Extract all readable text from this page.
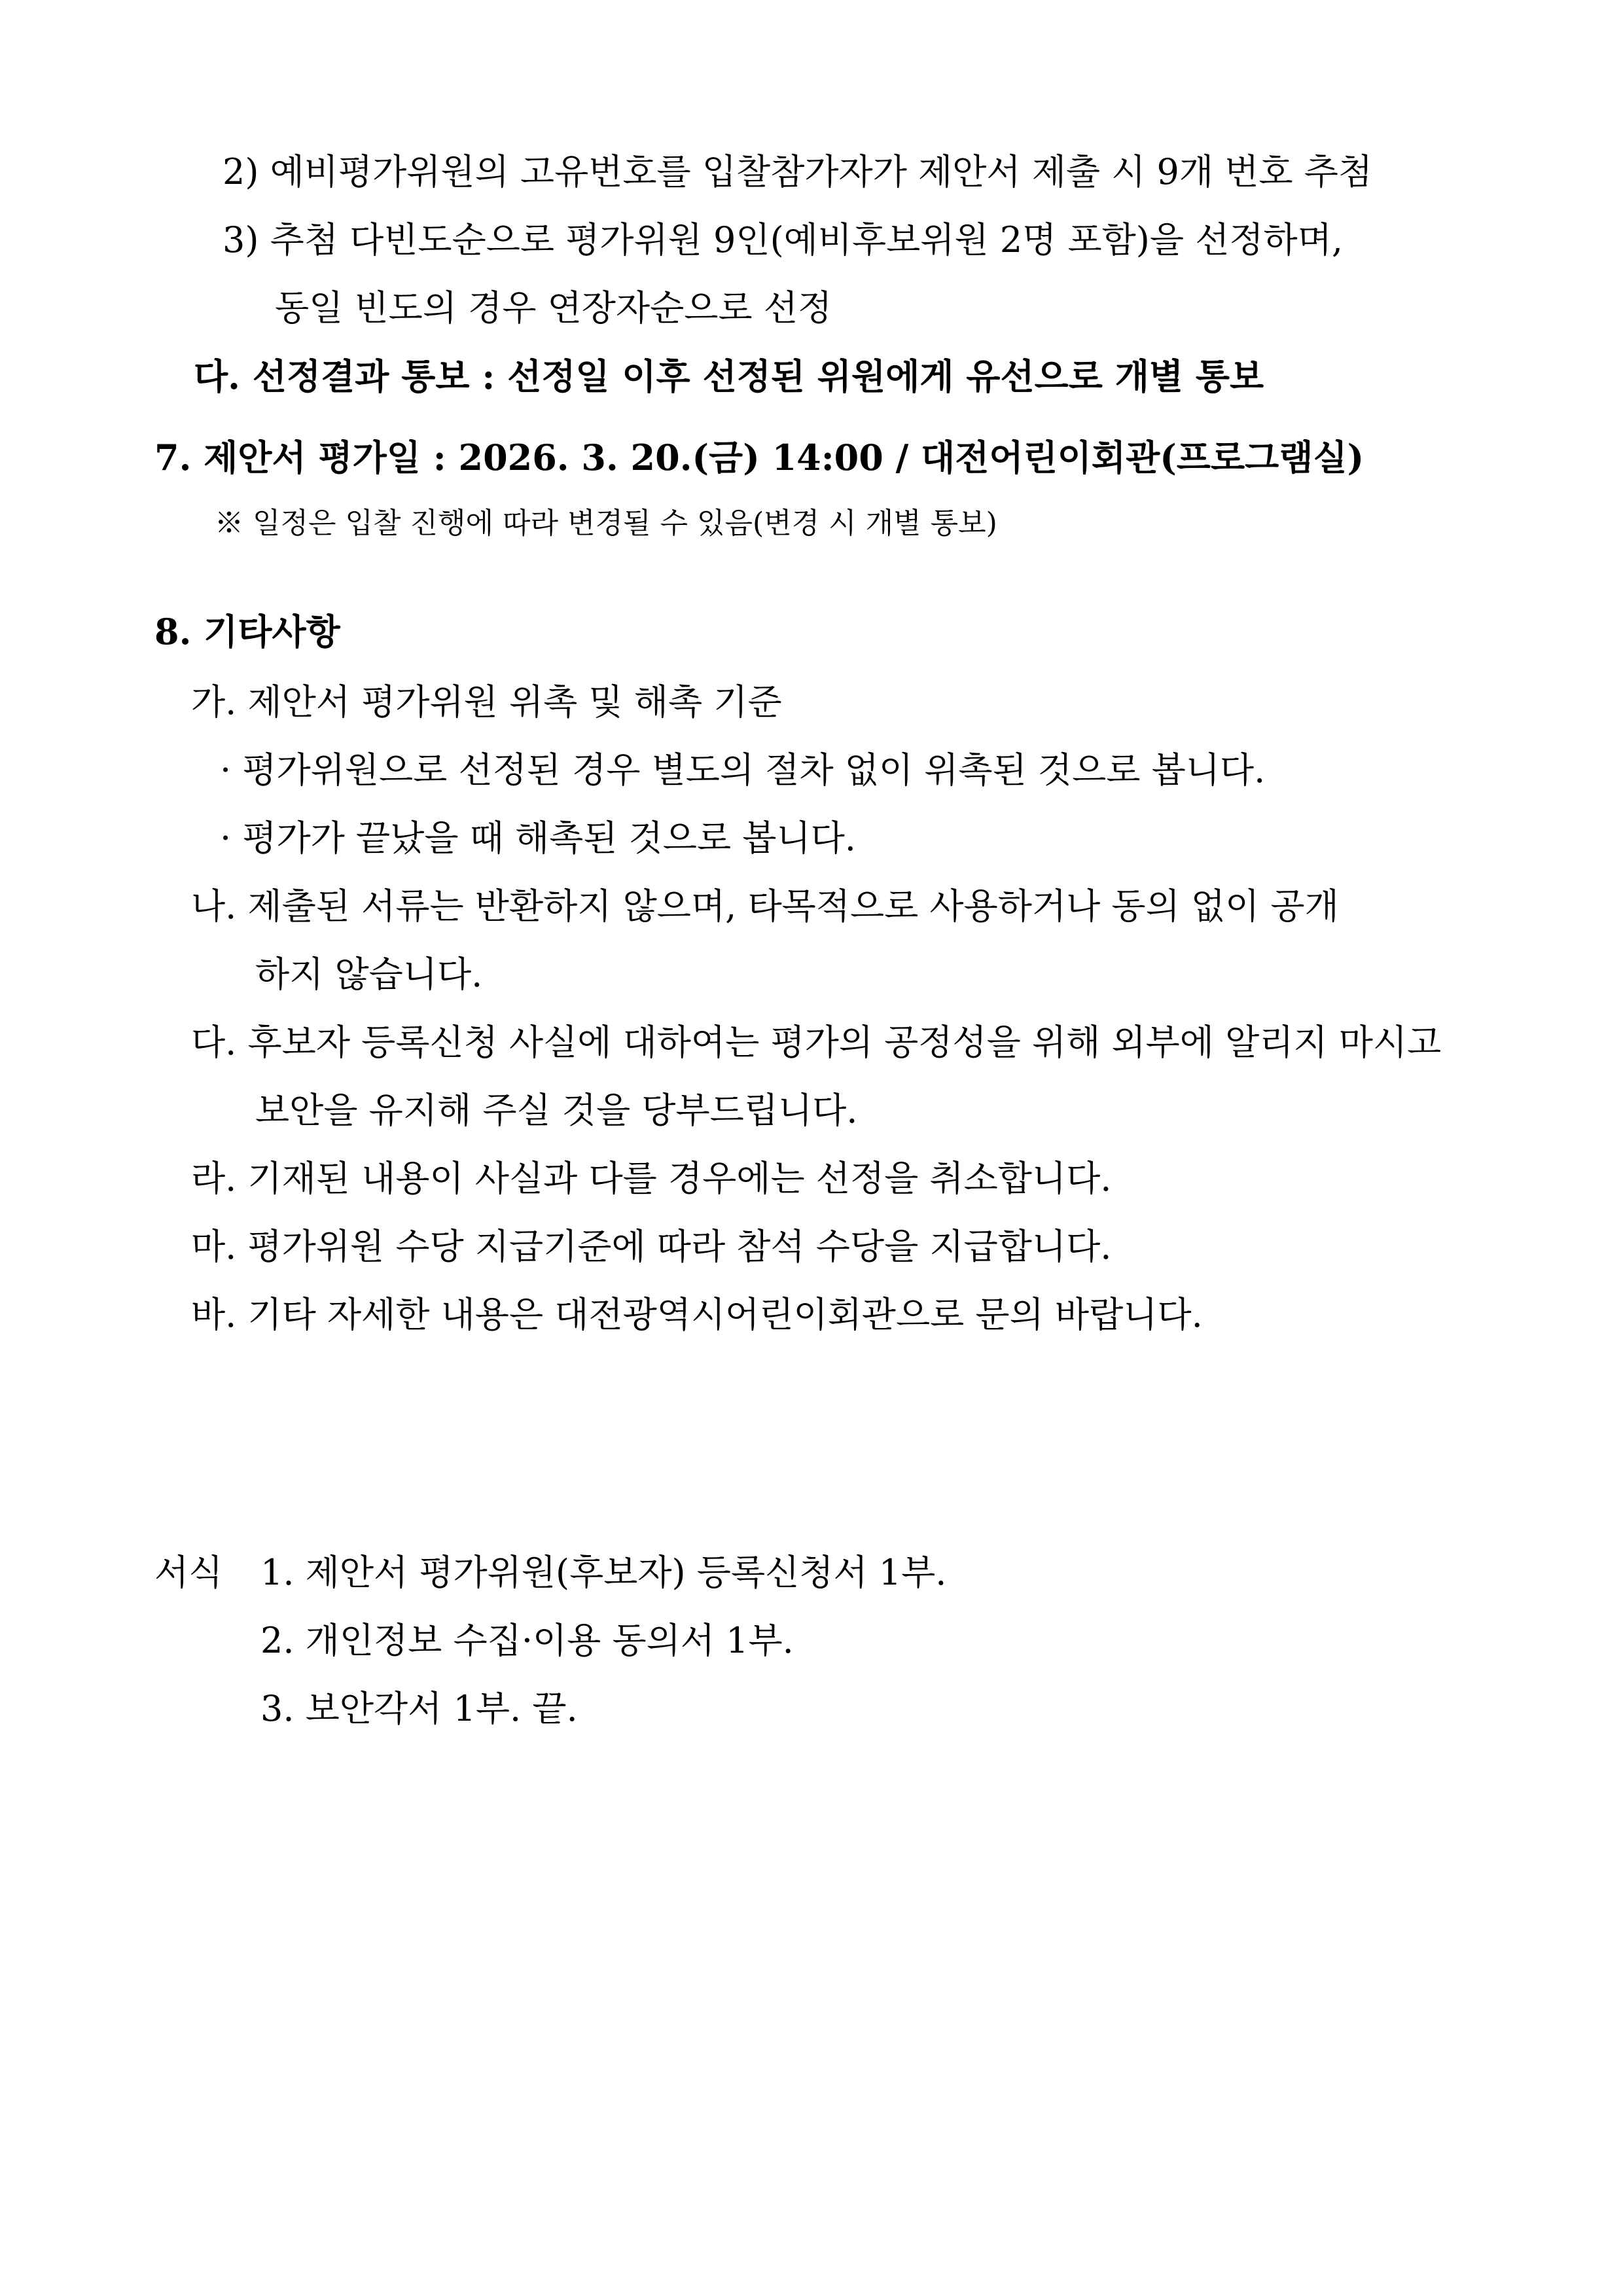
2) 예비평가위원의 고유번호를 입찰참가자가 제안서 제출 시 9개 번호 추첨
3) 추첨 다빈도순으로 평가위원 9인(예비후보위원 2명 포함)을 선정하며,
동일 빈도의 경우 연장자순으로 선정
다. 선정결과 통보 : 선정일 이후 선정된 위원에게 유선으로 개별 통보
7. 제안서 평가일 : 2026. 3. 20.(금) 14:00 / 대전어린이회관(프로그램실)
※ 일정은 입찰 진행에 따라 변경될 수 있음(변경 시 개별 통보)
8. 기타사항
가. 제안서 평가위원 위촉 및 해촉 기준
· 평가위원으로 선정된 경우 별도의 절차 없이 위촉된 것으로 봅니다.
· 평가가 끝났을 때 해촉된 것으로 봅니다.
나. 제출된 서류는 반환하지 않으며, 타목적으로 사용하거나 동의 없이 공개
하지 않습니다.
다. 후보자 등록신청 사실에 대하여는 평가의 공정성을 위해 외부에 알리지 마시고
보안을 유지해 주실 것을 당부드립니다.
라. 기재된 내용이 사실과 다를 경우에는 선정을 취소합니다.
마. 평가위원 수당 지급기준에 따라 참석 수당을 지급합니다.
바. 기타 자세한 내용은 대전광역시어린이회관으로 문의 바랍니다.
서식 1. 제안서 평가위원(후보자) 등록신청서 1부.
2. 개인정보 수집·이용 동의서 1부.
3. 보안각서 1부. 끝.
